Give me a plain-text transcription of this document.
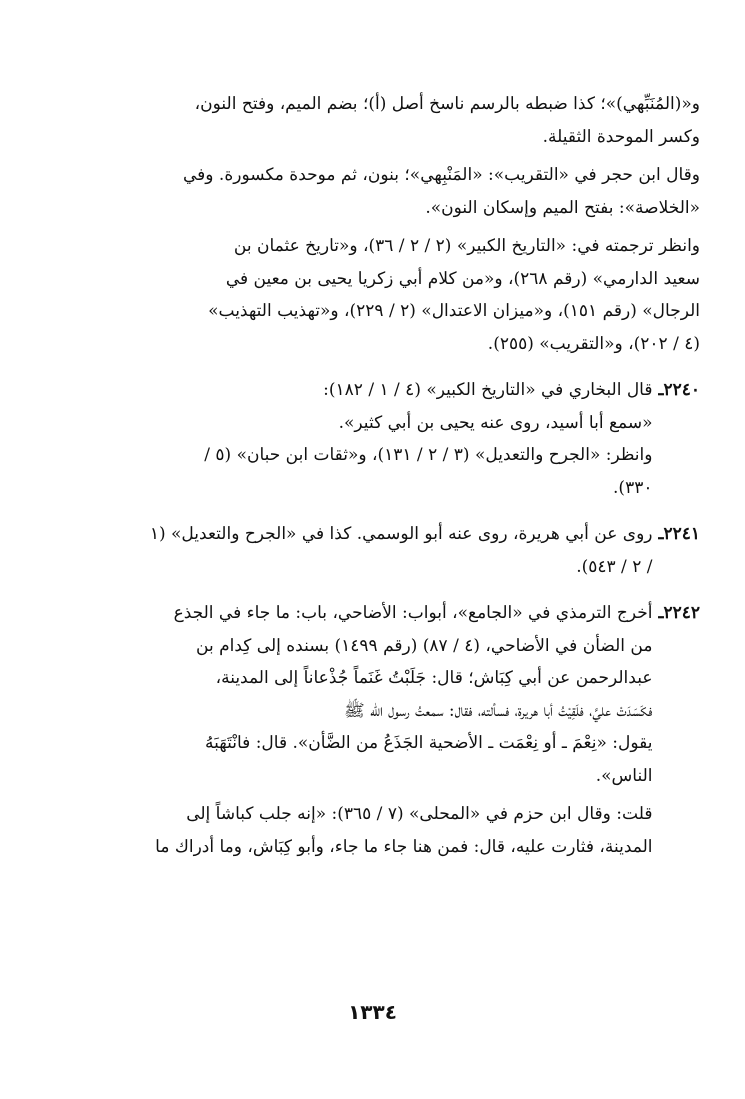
و«(المُنَبِّهي)»؛ كذا ضبطه بالرسم ناسخ أصل (أ)؛ بضم الميم، وفتح النون،
وكسر الموحدة الثقيلة.
وقال ابن حجر في «التقريب»: «المَنْبِهي»؛ بنون، ثم موحدة مكسورة. وفي
«الخلاصة»: بفتح الميم وإسكان النون».
وانظر ترجمته في: «التاريخ الكبير» (٢ / ٢ / ٣٦)، و«تاريخ عثمان بن
سعيد الدارمي» (رقم ٢٦٨)، و«من كلام أبي زكريا يحيى بن معين في
الرجال» (رقم ١٥١)، و«ميزان الاعتدال» (٢ / ٢٢٩)، و«تهذيب التهذيب»
(٤ / ٢٠٢)، و«التقريب» (٢٥٥).
٢٢٤٠ـ
قال البخاري في «التاريخ الكبير» (٤ / ١ / ١٨٢):
«سمع أبا أسيد، روى عنه يحيى بن أبي كثير».
وانظر: «الجرح والتعديل» (٣ / ٢ / ١٣١)، و«ثقات ابن حبان» (٥ /
٣٣٠).
٢٢٤١ـ
روى عن أبي هريرة، روى عنه أبو الوسمي. كذا في «الجرح والتعديل» (١
/ ٢ / ٥٤٣).
٢٢٤٢ـ
أخرج الترمذي في «الجامع»، أبواب: الأضاحي، باب: ما جاء في الجذع
من الضأن في الأضاحي، (٤ / ٨٧) (رقم ١٤٩٩) بسنده إلى كِدام بن
عبدالرحمن عن أبي كِبَاش؛ قال: جَلَبْتُ غَنَماً جُذْعاناً إلى المدينة،
فكَسَدَتْ عليَّ، فلَقِيْتُ أبا هريرة، فسألته، فقال: سمعتُ رسول الله ﷺ
يقول: «نِعْمَ ـ أو نِعْمَت ـ الأضحية الجَذَعُ من الضَّأن». قال: فانْتَهَبَهُ
الناس».
قلت: وقال ابن حزم في «المحلى» (٧ / ٣٦٥): «إنه جلب كباشاً إلى
المدينة، فثارت عليه، قال: فمن هنا جاء ما جاء، وأبو كِبَاش، وما أدراك ما
١٣٣٤
